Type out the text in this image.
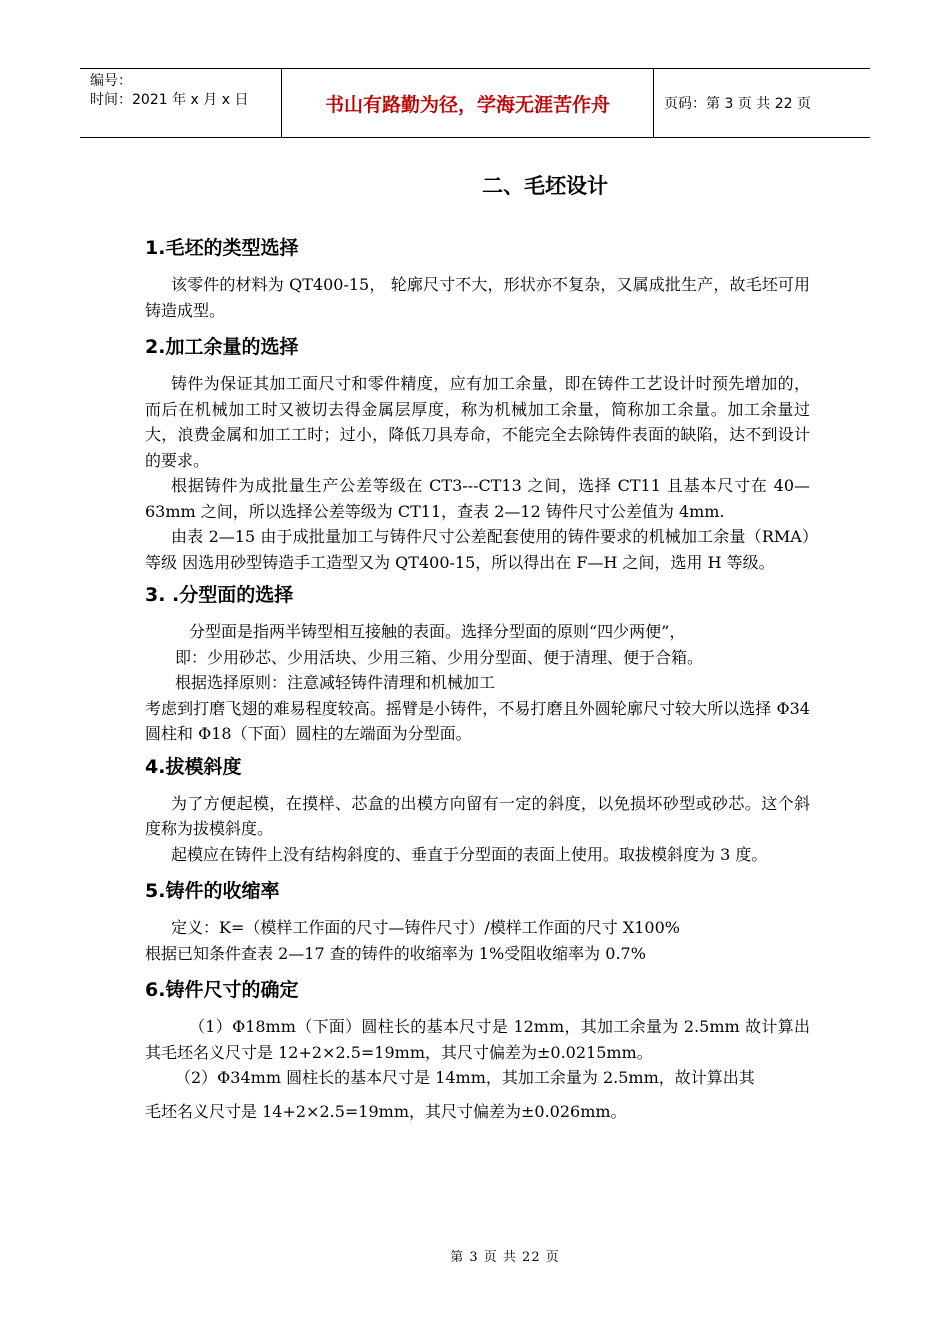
编号：
时间：2021 年 x 月 x 日	书山有路勤为径，学海无涯苦作舟	页码：第 3 页 共 22 页
二、毛坯设计
1.毛坯的类型选择

该零件的材料为 QT400-15， 轮廓尺寸不大，形状亦不复杂，又属成批生产，故毛坯可用铸造成型。

2.加工余量的选择

铸件为保证其加工面尺寸和零件精度，应有加工余量，即在铸件工艺设计时预先增加的，而后在机械加工时又被切去得金属层厚度，称为机械加工余量，简称加工余量。加工余量过大，浪费金属和加工工时；过小，降低刀具寿命，不能完全去除铸件表面的缺陷，达不到设计的要求。

根据铸件为成批量生产公差等级在 CT3---CT13 之间，选择 CT11 且基本尺寸在 40—63mm 之间，所以选择公差等级为 CT11，查表 2—12 铸件尺寸公差值为 4mm.

由表 2—15 由于成批量加工与铸件尺寸公差配套使用的铸件要求的机械加工余量（RMA）等级 因选用砂型铸造手工造型又为 QT400-15，所以得出在 F—H 之间，选用 H 等级。

3. .分型面的选择

分型面是指两半铸型相互接触的表面。选择分型面的原则“四少两便”，

即：少用砂芯、少用活块、少用三箱、少用分型面、便于清理、便于合箱。

根据选择原则：注意减轻铸件清理和机械加工

考虑到打磨飞翅的难易程度较高。摇臂是小铸件，不易打磨且外圆轮廓尺寸较大所以选择 Φ34 圆柱和 Φ18（下面）圆柱的左端面为分型面。

4.拔模斜度

为了方便起模，在摸样、芯盒的出模方向留有一定的斜度，以免损坏砂型或砂芯。这个斜度称为拔模斜度。

起模应在铸件上没有结构斜度的、垂直于分型面的表面上使用。取拔模斜度为 3 度。

5.铸件的收缩率

定义：K=（模样工作面的尺寸—铸件尺寸）/模样工作面的尺寸 X100%

根据已知条件查表 2—17 查的铸件的收缩率为 1%受阻收缩率为 0.7%

6.铸件尺寸的确定

（1）Φ18mm（下面）圆柱长的基本尺寸是 12mm，其加工余量为 2.5mm 故计算出其毛坯名义尺寸是 12+2×2.5=19mm，其尺寸偏差为±0.0215mm。

（2）Φ34mm 圆柱长的基本尺寸是 14mm，其加工余量为 2.5mm，故计算出其

毛坯名义尺寸是 14+2×2.5=19mm，其尺寸偏差为±0.026mm。

第 3 页 共 22 页
